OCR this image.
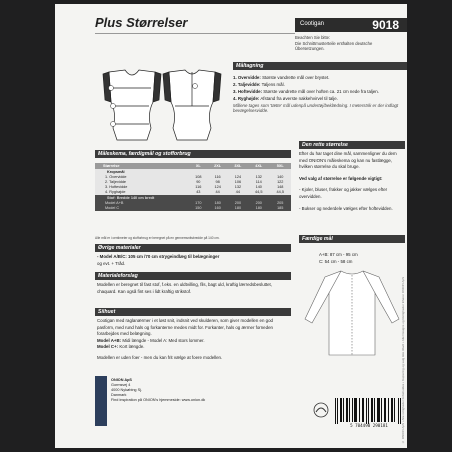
© ONION ApS • Alle rettigheder forbeholdes • Kopiering og salg ikke tilladt • Alle Designs og Rettigheder tilhører ONION ApS
Plus Størrelser	Cootigan	9018
Beachten Sie bitte:
Die Schnittmusterteile enthalten deutsche
Übersetzungen.
Måltagning
1. Overvidde: Største vandrette mål over brystet.
2. Taljevidde: Taljens mål.
3. Hoftevidde: Største vandrette mål over hoften ca. 21 cm nede fra taljen.
4. Ryghøjde: Afstand fra øverste nakkehvirvel til talje.
Målene tages som 'tætte' mål udenpå undertøj/beklædning. I meterstrik er der indlagt bevægelsesvidde.
Måleskema, færdigmål og stofforbrug
Størrelse	XL	2XL	3XL	4XL	5XL
Kropsmål					
1. Overvidde	108	116	124	132	140
2. Taljevidde	90	98	106	114	122
3. Hoftevidde	116	124	132	140	148
4. Ryghøjde	43	44	44	44,5	44,5
Stof: Bredde 140 cm bredt					
Model A+B	170	180	200	200	205
Model C	150	160	180	180	185
Alle mål er i centimeter og stofforbrug er beregnet på en gennemsnitsbredde på 140 cm.
Øvrige materialer
- Model A/B/C: 105 cm /70 cm strygeindlæg til belægninger
og evt. + Tråd.
Materialeforslag
Modellen er beregnet til fast stof, f.eks. en uldtvilling, fils, bagt uld, kraftig lærredsbesluttet, chaquard. Kan også fint ses i lidt kraftig strikstof.
Silhuet
Cootigan med raglanærmer i et løst snit, indsnit ved skulderen, som giver modellen en god pasform, med rund hals og forkanterne medes midt for. Forkanter, hals og ærmer forneden forarbejdes med belægning.
Model A+B: Midi længde - Model A: Med stors lommer.
Model C+: Kort længde.
Modellen er uden foer - men du kan frit vælge at foere modellen.
Den rette størrelse
Efter du har taget dine mål, sammenligner du dem med ONION's måleskema og kan nu fastlægge, hvilken størrelse du skal bruge.
Ved valg af størrelse er følgende vigtigt:
- Kjoler, bluser, frakker og jakker vælges efter overvidden.
- Bukser og nederdele vælges efter hoftevidden.
Færdige mål
A+B: 87 cm - 95 cm
C: 54 cm - 58 cm
ONION ApS
Gormsvej 4
4000 Nykøbing Sj.
Danmark
Find inspiration på ONION's hjemmeside: www.onion.dk
5 704490 290181
